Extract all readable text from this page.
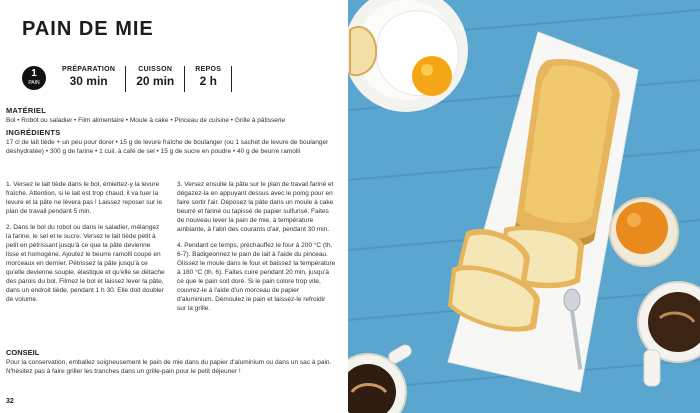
PAIN DE MIE
1
PAIN
PRÉPARATION
30 min
CUISSON
20 min
REPOS
2 h
MATÉRIEL

Bol • Robot ou saladier • Film alimentaire • Moule à cake • Pinceau de cuisine • Grille à pâtisserie

INGRÉDIENTS

17 cl de lait tiède + un peu pour dorer • 15 g de levure fraîche de boulanger (ou 1 sachet de levure de boulanger déshydratée) • 300 g de farine • 1 cuil. à café de sel • 15 g de sucre en poudre • 40 g de beurre ramolli

1. Versez le lait tiède dans le bol, émiettez-y la levure fraîche. Attention, si le lait est trop chaud, il va tuer la levure et la pâte ne lèvera pas ! Laissez reposer sur le plan de travail pendant 5 min.

2. Dans le bol du robot ou dans le saladier, mélangez la farine, le sel et le sucre. Versez le lait tiède petit à petit en pétrissant jusqu'à ce que la pâte devienne lisse et homogène. Ajoutez le beurre ramolli coupé en morceaux en dernier. Pétrissez la pâte jusqu'à ce qu'elle devienne souple, élastique et qu'elle se détache des parois du bol. Filmez le bol et laissez lever la pâte, dans un endroit tiède, pendant 1 h 30. Elle doit doubler de volume.

3. Versez ensuite la pâte sur le plan de travail fariné et dégazez-la en appuyant dessus avec le poing pour en faire sortir l'air. Déposez la pâte dans un moule à cake beurré et fariné ou tapissé de papier sulfurisé. Faites de nouveau lever la pain de mie, à température ambiante, à l'abri des courants d'air, pendant 30 min.

4. Pendant ce temps, préchauffez le four à 200 °C (th. 6-7). Badigeonnez le pain de lait à l'aide du pinceau. Glissez le moule dans le four et baissez la température à 180 °C (th. 6). Faites cuire pendant 20 min, jusqu'à ce que le pain soit doré. Si le pain colore trop vite, couvrez-le à l'aide d'un morceau de papier d'aluminium. Démoulez le pain et laissez-le refroidir sur la grille.

CONSEIL

Pour la conservation, emballez soigneusement le pain de mie dans du papier d'aluminium ou dans un sac à pain. N'hésitez pas à faire griller les tranches dans un grille-pain pour le petit déjeuner !

32
